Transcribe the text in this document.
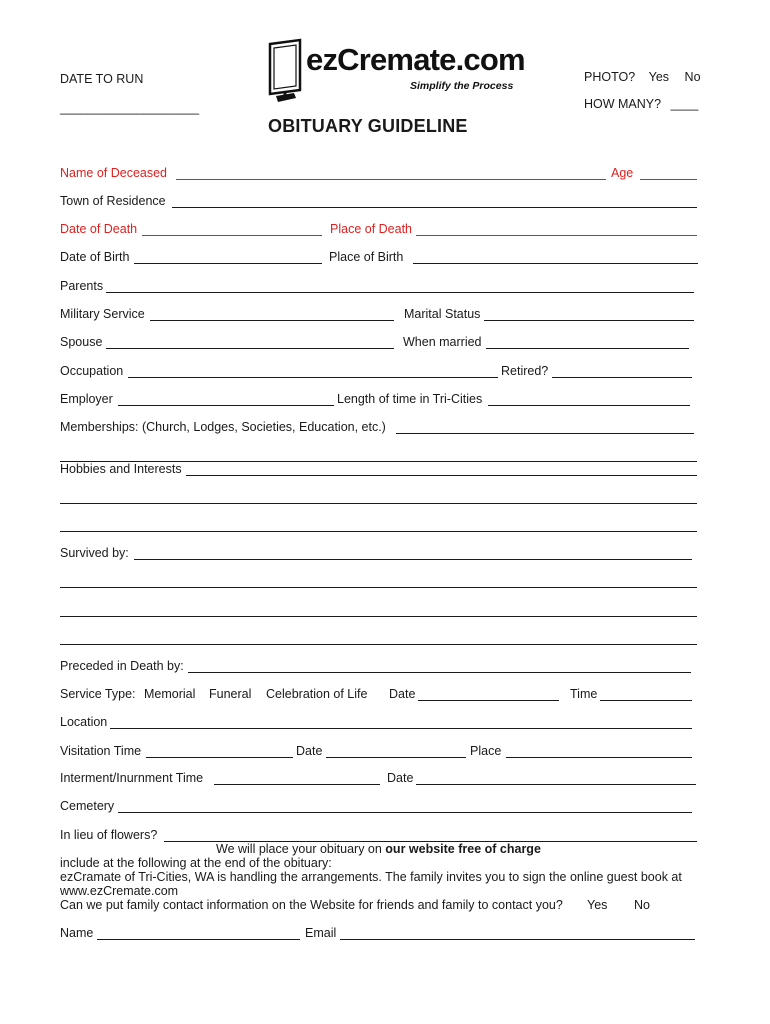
DATE TO RUN
____________________
ezCremate.com
Simplify the Process
PHOTO? Yes No
HOW MANY? ____
OBITUARY GUIDELINE
Name of Deceased	Age
Town of Residence
Date of Death	Place of Death
Date of Birth	Place of Birth
Parents
Military Service	Marital Status
Spouse	When married
Occupation	Retired?
Employer	Length of time in Tri-Cities
Memberships: (Church, Lodges, Societies, Education, etc.)
Hobbies and Interests
Survived by:
Preceded in Death by:
Service Type: Memorial Funeral Celebration of Life Date	Time
Location
Visitation Time	Date	Place
Interment/Inurnment Time	Date
Cemetery
In lieu of flowers?
We will place your obituary on our website free of charge
include at the following at the end of the obituary:
ezCramate of Tri-Cities, WA is handling the arrangements. The family invites you to sign the online guest book at
www.ezCremate.com
Can we put family contact information on the Website for friends and family to contact you? Yes No
Name	Email
